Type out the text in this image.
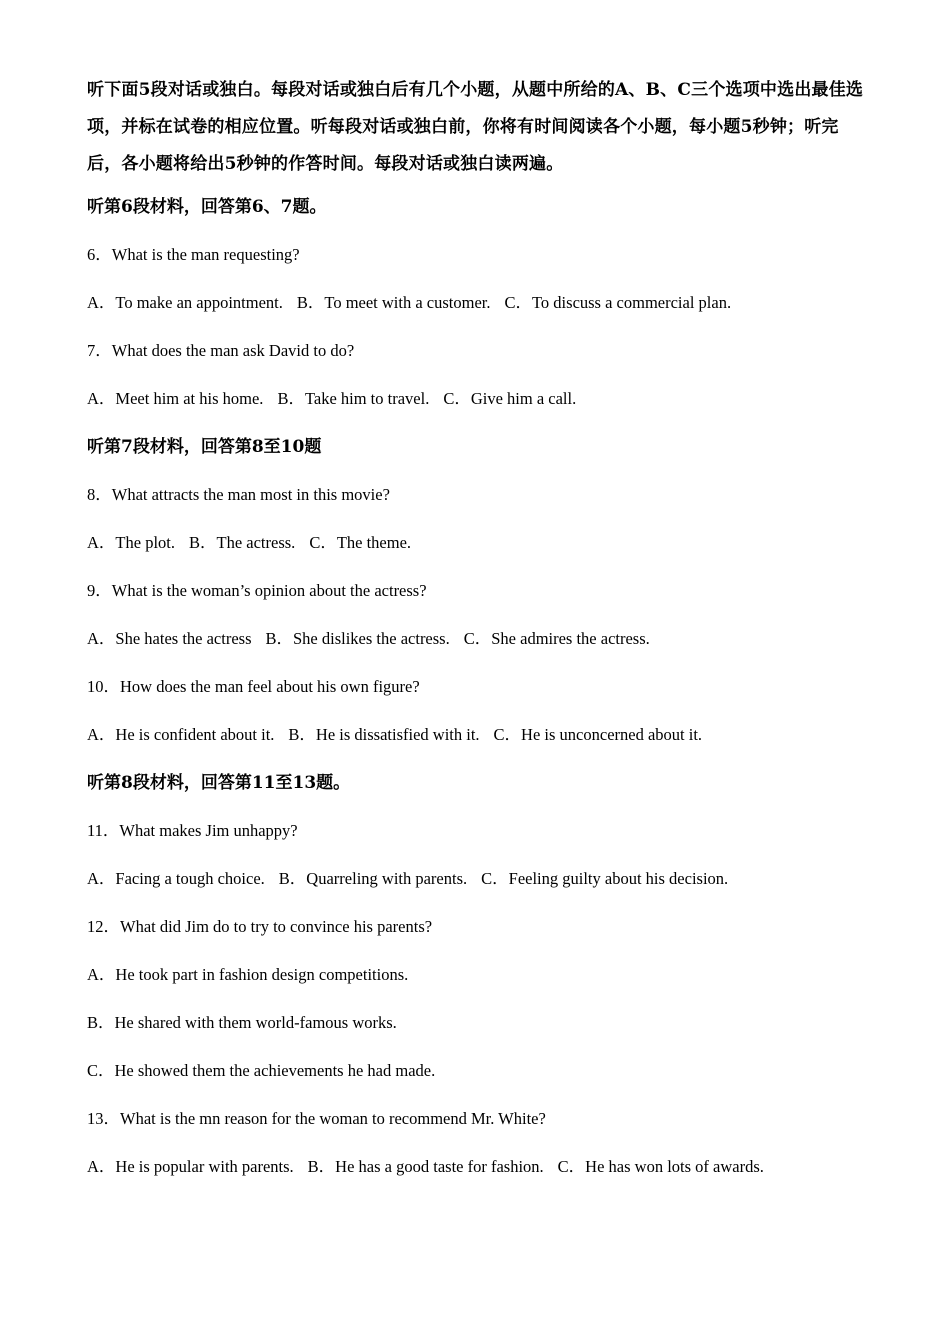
听下面5段对话或独白。每段对话或独白后有几个小题，从题中所给的A、B、C三个选项中选出最佳选项，并标在试卷的相应位置。听每段对话或独白前，你将有时间阅读各个小题，每小题5秒钟；听完后，各小题将给出5秒钟的作答时间。每段对话或独白读两遍。

听第6段材料，回答第6、7题。

6．What is the man requesting?

A．To make an appointment. B．To meet with a customer. C．To discuss a commercial plan.

7．What does the man ask David to do?

A．Meet him at his home. B．Take him to travel. C．Give him a call.

听第7段材料，回答第8至10题

8．What attracts the man most in this movie?

A．The plot. B．The actress. C．The theme.

9．What is the woman’s opinion about the actress?

A．She hates the actress B．She dislikes the actress. C．She admires the actress.

10．How does the man feel about his own figure?

A．He is confident about it. B．He is dissatisfied with it. C．He is unconcerned about it.

听第8段材料，回答第11至13题。

11．What makes Jim unhappy?

A．Facing a tough choice. B．Quarreling with parents. C．Feeling guilty about his decision.

12．What did Jim do to try to convince his parents?

A．He took part in fashion design competitions.

B．He shared with them world-famous works.

C．He showed them the achievements he had made.

13．What is the mn reason for the woman to recommend Mr. White?

A．He is popular with parents. B．He has a good taste for fashion. C．He has won lots of awards.
